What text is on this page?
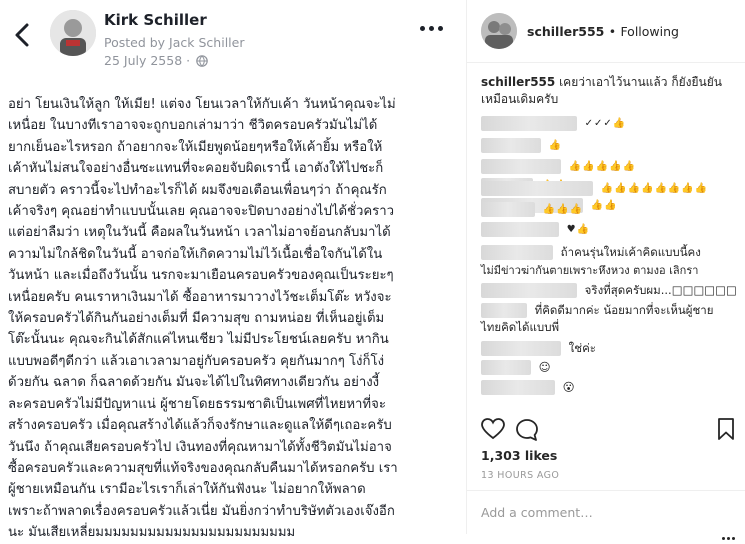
Kirk Schiller
Posted by Jack Schiller
25 July 2558 ·
อย่า โยนเงินให้ลูก ให้เมีย! แต่จง โยนเวลาให้กับเค้า วันหน้าคุณจะไม่
เหนื่อย ในบางทีเราอาจจะถูกบอกเล่ามาว่า ชีวิตครอบครัวมันไม่ได้
ยากเย็นอะไรหรอก ถ้าอยากจะให้เมียพูดน้อยๆหรือให้เค้ายิ้ม หรือให้
เค้าหันไม่สนใจอย่างอื่นซะแทนที่จะคอยจับผิดเรานี้ เอาตังให้ไปชะก็
สบายตัว คราวนี้จะไปทำอะไรก็ได้ ผมจึงขอเตือนเพื่อนๆว่า ถ้าคุณรัก
เค้าจริงๆ คุณอย่าทำแบบนั้นเลย คุณอาจจะปิดบางอย่างไปได้ชั่วคราว
แต่อย่าลืมว่า เหตุในวันนี้ คือผลในวันหน้า เวลาไม่อาจย้อนกลับมาได้
ความไม่ใกล้ชิดในวันนี้ อาจก่อให้เกิดความไม่ไว้เนื้อเชื่อใจกันได้ใน
วันหน้า และเมื่อถึงวันนั้น นรกจะมาเยือนครอบครัวของคุณเป็นระยะๆ
เหนื่อยครับ คนเราหาเงินมาได้ ซื้ออาหารมาวางไว้ชะเต็มโต๊ะ หวังจะ
ให้ครอบครัวได้กินกันอย่างเต็มที่ มีความสุข ถามหน่อย ที่เห็นอยู่เต็ม
โต๊ะนั้นนะ คุณจะกินได้สักแค่ไหนเชียว ไม่มีประโยชน์เลยครับ หากิน
แบบพอดีๆดีกว่า แล้วเอาเวลามาอยู่กับครอบครัว คุยกันมากๆ โง่ก็โง่
ด้วยกัน ฉลาด ก็ฉลาดด้วยกัน มันจะได้ไปในทิศทางเดียวกัน อย่างงี้
ละครอบครัวไม่มีปัญหาแน่ ผู้ชายโดยธรรมชาติเป็นเพศที่ไหยหาที่จะ
สร้างครอบครัว เมื่อคุณสร้างได้แล้วก็จงรักษาและดูแลให้ดีๆเถอะครับ
วันนึง ถ้าคุณเสียครอบครัวไป เงินทองที่คุณหามาได้ทั้งชีวิตมันไม่อาจ
ซื้อครอบครัวและความสุขที่แท้จริงของคุณกลับคืนมาได้หรอกครับ เรา
ผู้ชายเหมือนกัน เรามีอะไรเราก็เล่าให้กันฟังนะ ไม่อยากให้พลาด
เพราะถ้าพลาดเรื่องครอบครัวแล้วเนี่ย มันยิ่งกว่าทำบริษัทตัวเองเจ๊งอีก
นะ มันเสียเหลี่ยมมมมมมมมมมมมมมมมมมมมมมม
schiller555 • Following
schiller555 เคยว่าเอาไว้นานแล้ว ก็ยังยืนยันเหมือนเดิมครับ
✓✓✓👍
👍
👍👍👍👍👍
👍👍
👍👍👍👍👍👍👍👍
👍👍👍
♥👍
ถ้าคนรุ่นใหม่เค้าคิดแบบนี้คง
ไม่มีข่าวฆ่ากันตายเพราะหึงหวง ตามงอ เลิกรา
จริงที่สุดครับผม...□□□□□□
ที่คิดดีมากค่ะ น้อยมากที่จะเห็นผู้ชาย
ไทยคิดได้แบบพี่
ใช่ค่ะ
☺
😮
1,303 likes
13 HOURS AGO
Add a comment…
